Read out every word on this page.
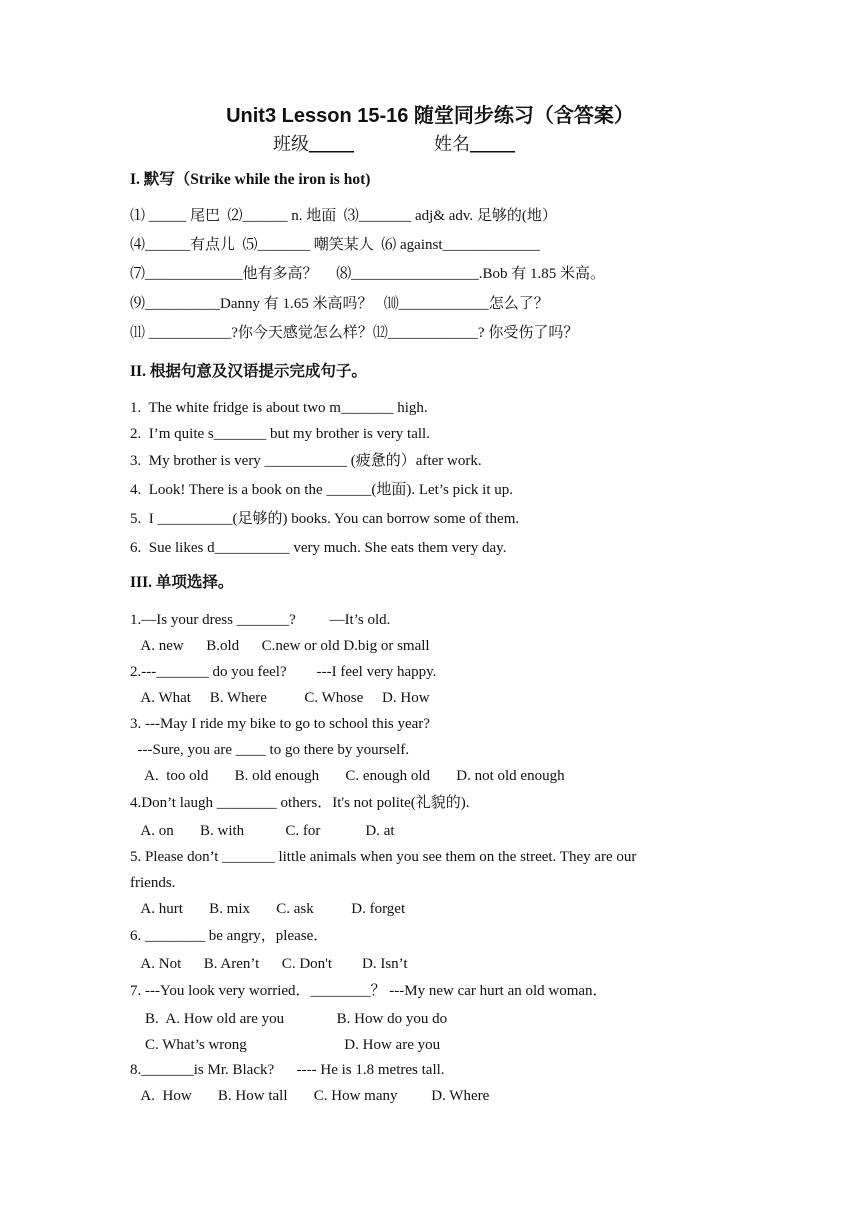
Unit3 Lesson 15-16 随堂同步练习（含答案）
班级_____	姓名_____
I. 默写（Strike while the iron is hot)
⑴ _____ 尾巴  ⑵______ n. 地面  ⑶_______ adj& adv. 足够的(地）
⑷______有点儿  ⑸_______ 嘲笑某人  ⑹ against_____________
⑺_____________他有多高？     ⑻_________________.Bob 有 1.85 米高。
⑼__________Danny 有 1.65 米高吗？   ⑽____________怎么了？
⑾ ___________?你今天感觉怎么样？⑿____________? 你受伤了吗？
II. 根据句意及汉语提示完成句子。
1.  The white fridge is about two m_______ high.
2.  I’m quite s_______ but my brother is very tall.
3.  My brother is very ___________ (疲惫的）after work.
4.  Look! There is a book on the ______(地面). Let’s pick it up.
5.  I __________(足够的) books. You can borrow some of them.
6.  Sue likes d__________ very much. She eats them very day.
III. 单项选择。
1.—Is your dress _______?         —It’s old.
A. new      B.old      C.new or old D.big or small
2.---_______ do you feel?        ---I feel very happy.
A. What     B. Where          C. Whose     D. How
3. ---May I ride my bike to go to school this year?
---Sure, you are ____ to go there by yourself.
A.  too old       B. old enough       C. enough old       D. not old enough
4.Don’t laugh ________ others．It's not polite(礼貌的).
A. on       B. with           C. for            D. at
5. Please don’t _______ little animals when you see them on the street. They are our
friends.
A. hurt       B. mix       C. ask          D. forget
6. ________ be angry，please．
A. Not      B. Aren’t      C. Don't        D. Isn’t
7. ---You look very worried．________？ ---My new car hurt an old woman．
B.  A. How old are you              B. How do you do
C. What’s wrong                          D. How are you
8._______is Mr. Black?      ---- He is 1.8 metres tall.
A.  How       B. How tall       C. How many         D. Where
